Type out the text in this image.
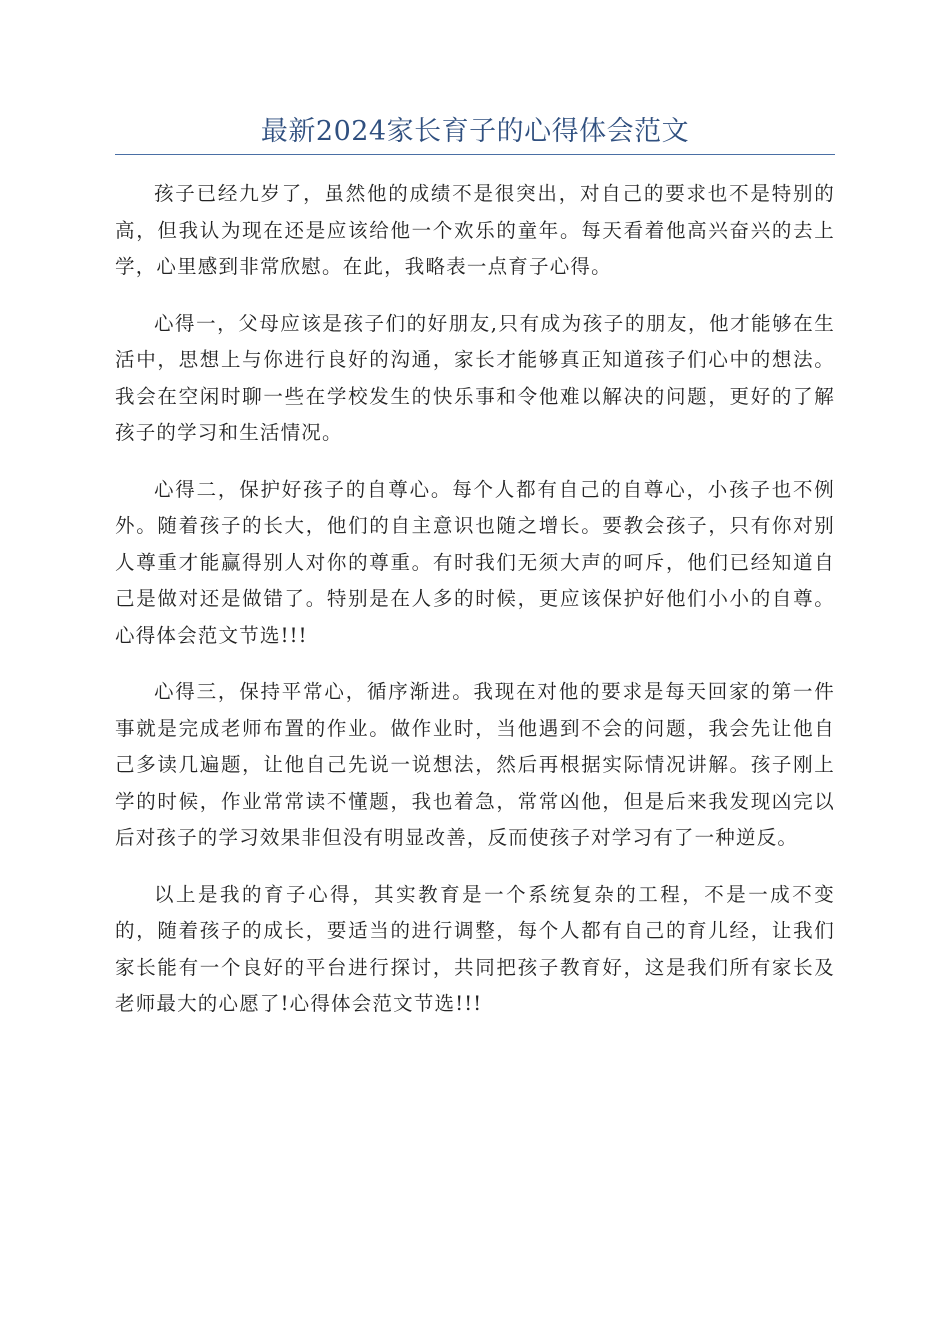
最新2024家长育子的心得体会范文

孩子已经九岁了，虽然他的成绩不是很突出，对自己的要求也不是特别的高，但我认为现在还是应该给他一个欢乐的童年。每天看着他高兴奋兴的去上学，心里感到非常欣慰。在此，我略表一点育子心得。

心得一，父母应该是孩子们的好朋友,只有成为孩子的朋友，他才能够在生活中，思想上与你进行良好的沟通，家长才能够真正知道孩子们心中的想法。我会在空闲时聊一些在学校发生的快乐事和令他难以解决的问题，更好的了解孩子的学习和生活情况。

心得二，保护好孩子的自尊心。每个人都有自己的自尊心，小孩子也不例外。随着孩子的长大，他们的自主意识也随之增长。要教会孩子，只有你对别人尊重才能赢得别人对你的尊重。有时我们无须大声的呵斥，他们已经知道自己是做对还是做错了。特别是在人多的时候，更应该保护好他们小小的自尊。心得体会范文节选!!!

心得三，保持平常心，循序渐进。我现在对他的要求是每天回家的第一件事就是完成老师布置的作业。做作业时，当他遇到不会的问题，我会先让他自己多读几遍题，让他自己先说一说想法，然后再根据实际情况讲解。孩子刚上学的时候，作业常常读不懂题，我也着急，常常凶他，但是后来我发现凶完以后对孩子的学习效果非但没有明显改善，反而使孩子对学习有了一种逆反。

以上是我的育子心得，其实教育是一个系统复杂的工程，不是一成不变的，随着孩子的成长，要适当的进行调整，每个人都有自己的育儿经，让我们家长能有一个良好的平台进行探讨，共同把孩子教育好，这是我们所有家长及老师最大的心愿了!心得体会范文节选!!!
